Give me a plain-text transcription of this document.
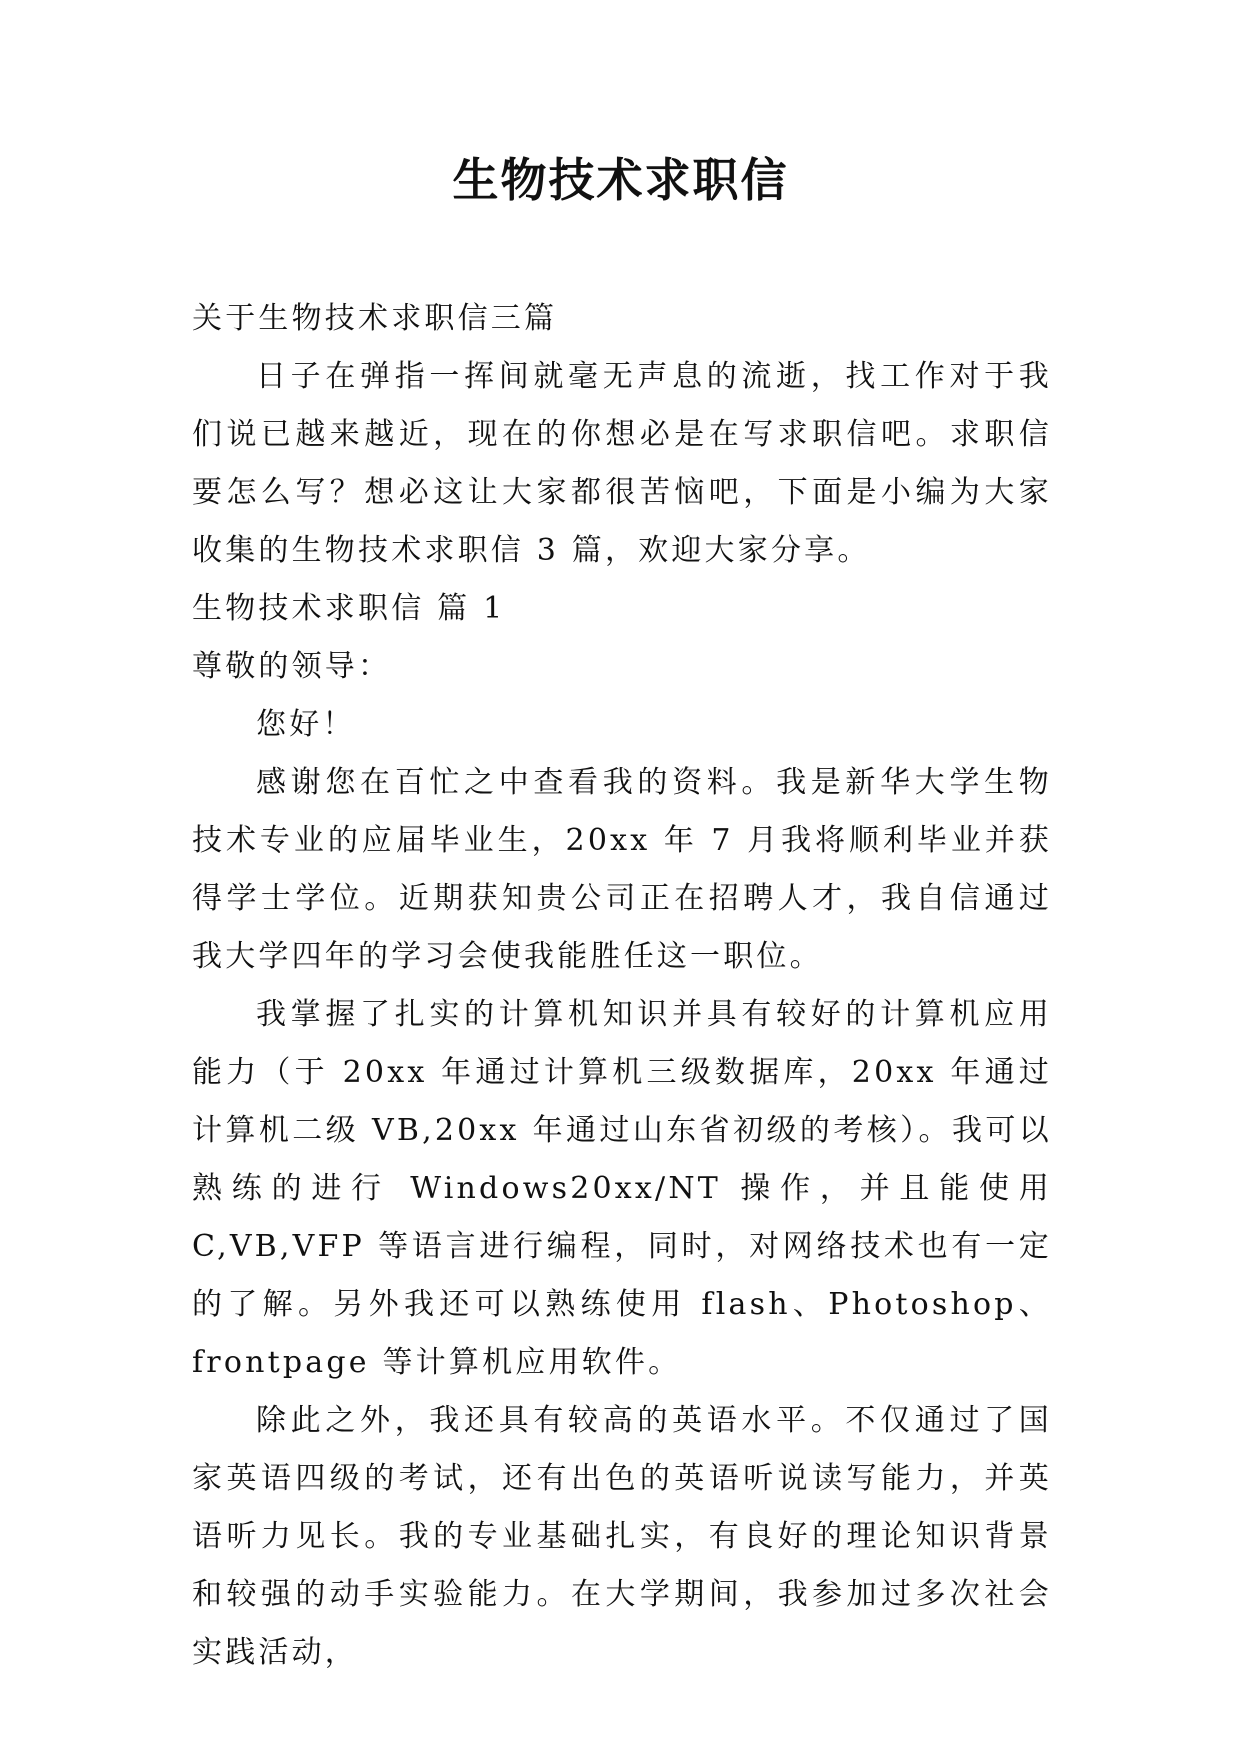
生物技术求职信

关于生物技术求职信三篇

日子在弹指一挥间就毫无声息的流逝，找工作对于我们说已越来越近，现在的你想必是在写求职信吧。求职信要怎么写？想必这让大家都很苦恼吧，下面是小编为大家收集的生物技术求职信 3 篇，欢迎大家分享。

生物技术求职信 篇 1

尊敬的领导：

您好！

感谢您在百忙之中查看我的资料。我是新华大学生物技术专业的应届毕业生，20xx 年 7 月我将顺利毕业并获得学士学位。近期获知贵公司正在招聘人才，我自信通过我大学四年的学习会使我能胜任这一职位。

我掌握了扎实的计算机知识并具有较好的计算机应用能力（于 20xx 年通过计算机三级数据库，20xx 年通过计算机二级 VB,20xx 年通过山东省初级的考核）。我可以熟练的进行 Windows20xx/NT 操作，并且能使用 C,VB,VFP 等语言进行编程，同时，对网络技术也有一定的了解。另外我还可以熟练使用 flash、Photoshop、frontpage 等计算机应用软件。

除此之外，我还具有较高的英语水平。不仅通过了国家英语四级的考试，还有出色的英语听说读写能力，并英语听力见长。我的专业基础扎实，有良好的理论知识背景和较强的动手实验能力。在大学期间，我参加过多次社会实践活动，
